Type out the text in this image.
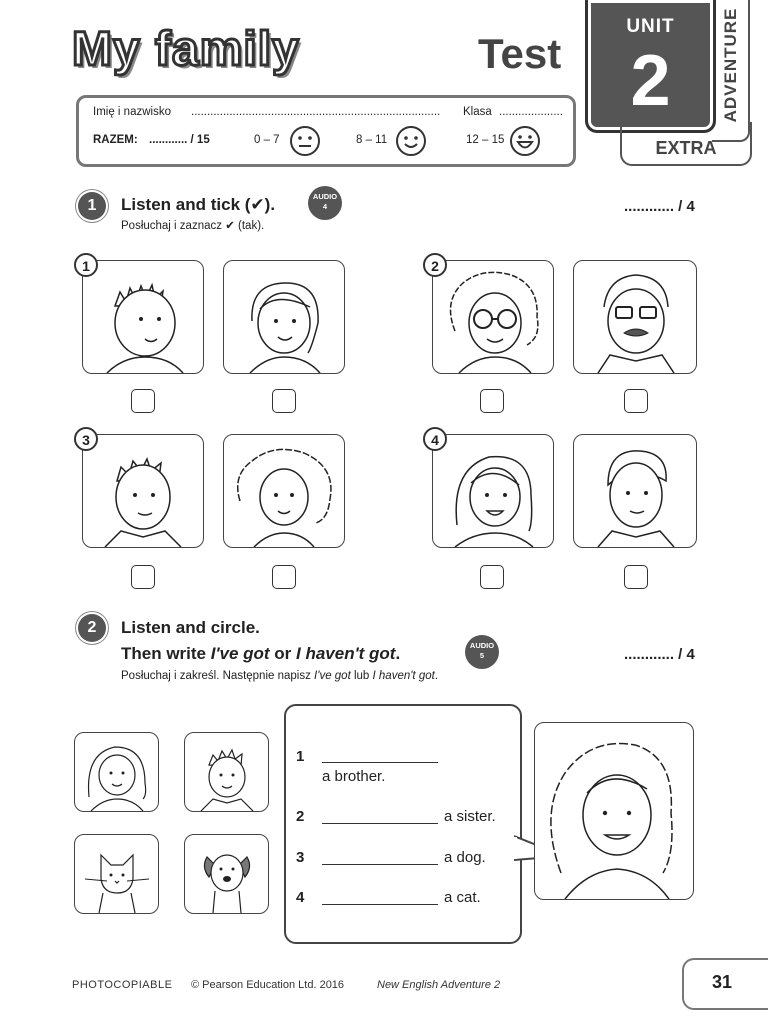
My family	Test
UNIT
2	ADVENTURE
EXTRA
Imię i nazwisko ..............................................................................	Klasa ....................
RAZEM: ............ / 15	0 – 7	8 – 11	12 – 15
1	Listen and tick (✔).	AUDIO
4
Posłuchaj i zaznacz ✔ (tak).
............ / 4
1	2
3	4
2	Listen and circle.
Then write I've got or I haven't got.	AUDIO
5
Posłuchaj i zakreśl. Następnie napisz I've got lub I haven't got.
............ / 4
1
a brother.
2	a sister.
3	a dog.
4	a cat.
PHOTOCOPIABLE © Pearson Education Ltd. 2016	New English Adventure 2	31
